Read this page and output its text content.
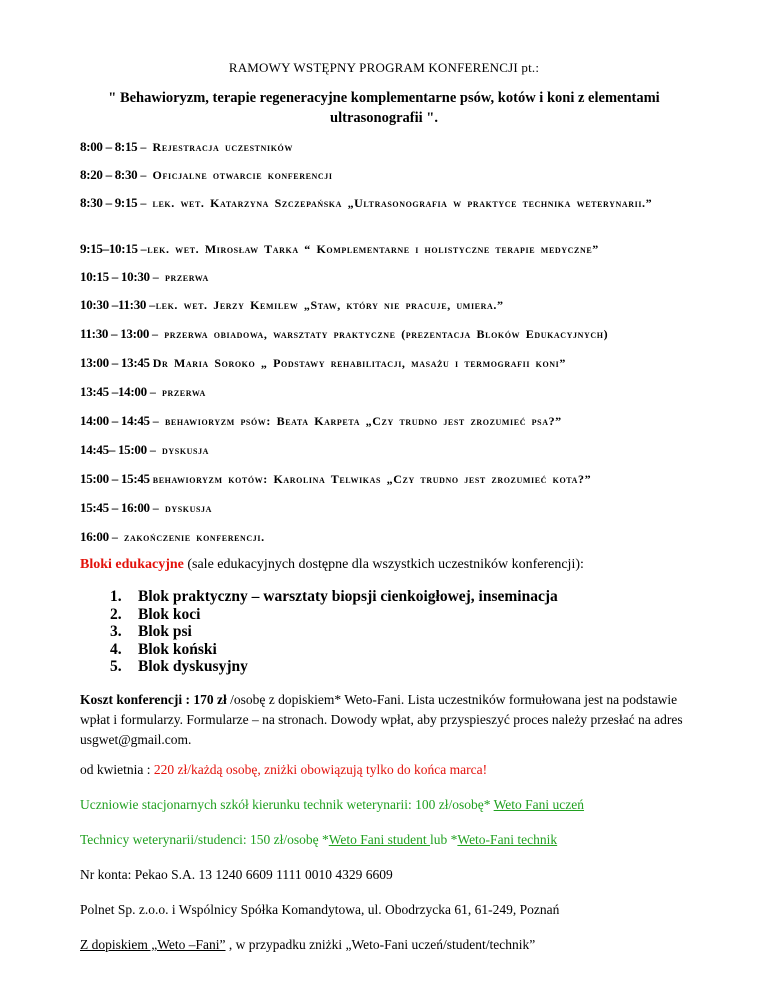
RAMOWY WSTĘPNY PROGRAM KONFERENCJI pt.:
" Behawioryzm, terapie regeneracyjne komplementarne psów, kotów i koni z elementami ultrasonografii ".
8:00 – 8:15 – Rejestracja uczestników
8:20 – 8:30 – Oficjalne otwarcie konferencji
8:30 – 9:15 – lek. wet. Katarzyna Szczepańska „Ultrasonografia w praktyce technika weterynarii.”
9:15–10:15 –lek. wet. Mirosław Tarka “ Komplementarne i holistyczne terapie medyczne”
10:15 – 10:30 – przerwa
10:30 –11:30 –lek. wet. Jerzy Kemilew „Staw, który nie pracuje, umiera.”
11:30 – 13:00 – przerwa obiadowa, warsztaty praktyczne (prezentacja Bloków Edukacyjnych)
13:00 – 13:45 Dr Maria Soroko „ Podstawy rehabilitacji, masażu i termografii koni”
13:45 –14:00 – przerwa
14:00 – 14:45 – behawioryzm psów: Beata Karpeta „Czy trudno jest zrozumieć psa?”
14:45– 15:00 – dyskusja
15:00 – 15:45 behawioryzm kotów: Karolina Telwikas „Czy trudno jest zrozumieć kota?”
15:45 – 16:00 – dyskusja
16:00 – zakończenie konferencji.
Bloki edukacyjne (sale edukacyjnych dostępne dla wszystkich uczestników konferencji):
1. Blok praktyczny – warsztaty biopsji cienkoigłowej, inseminacja
2. Blok koci
3. Blok psi
4. Blok koński
5. Blok dyskusyjny
Koszt konferencji : 170 zł /osobę z dopiskiem* Weto-Fani. Lista uczestników formułowana jest na podstawie wpłat i formularzy. Formularze – na stronach. Dowody wpłat, aby przyspieszyć proces należy przesłać na adres usgwet@gmail.com.
od kwietnia : 220 zł/każdą osobę, zniżki obowiązują tylko do końca marca!
Uczniowie stacjonarnych szkół kierunku technik weterynarii: 100 zł/osobę* Weto Fani uczeń
Technicy weterynarii/studenci: 150 zł/osobę *Weto Fani student lub *Weto-Fani technik
Nr konta: Pekao S.A. 13 1240 6609 1111 0010 4329 6609
Polnet Sp. z.o.o. i Wspólnicy Spółka Komandytowa, ul. Obodrzycka 61, 61-249, Poznań
Z dopiskiem „Weto –Fani” , w przypadku zniżki „Weto-Fani uczeń/student/technik”
